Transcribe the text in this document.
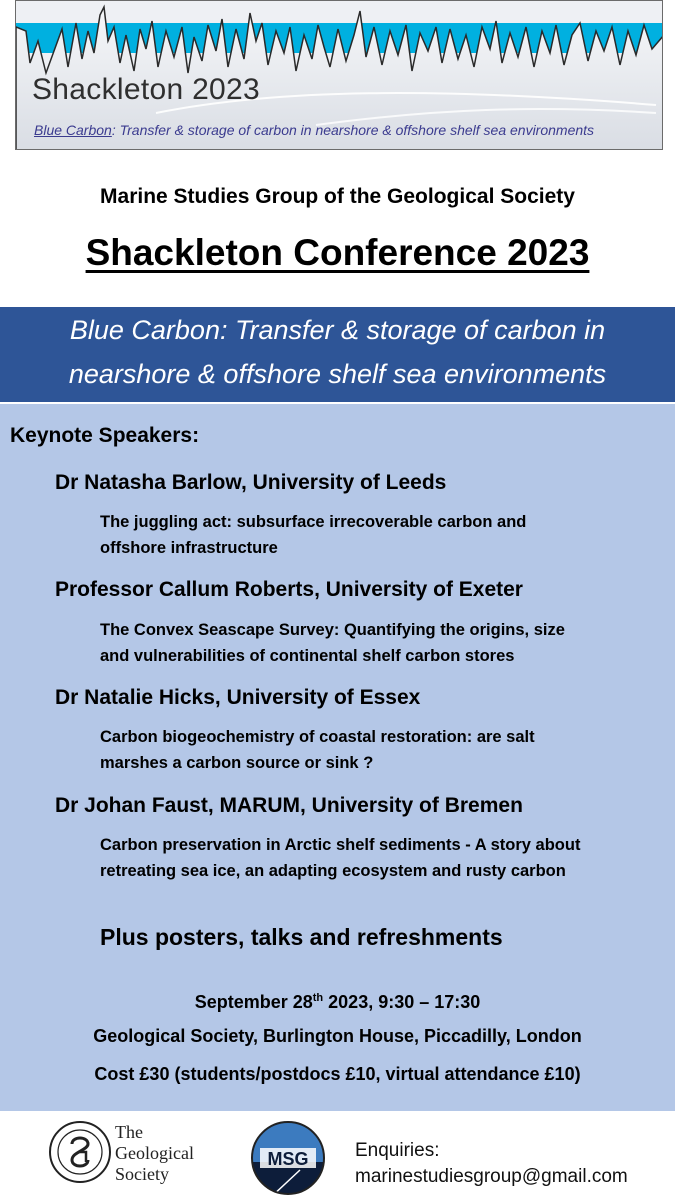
Shackleton 2023
Blue Carbon: Transfer & storage of carbon in nearshore & offshore shelf sea environments
Marine Studies Group of the Geological Society
Shackleton Conference 2023
Blue Carbon: Transfer & storage of carbon in
nearshore & offshore shelf sea environments
Keynote Speakers:
Dr Natasha Barlow, University of Leeds
The juggling act: subsurface irrecoverable carbon and
offshore infrastructure
Professor Callum Roberts, University of Exeter
The Convex Seascape Survey: Quantifying the origins, size
and vulnerabilities of continental shelf carbon stores
Dr Natalie Hicks, University of Essex
Carbon biogeochemistry of coastal restoration: are salt
marshes a carbon source or sink ?
Dr Johan Faust, MARUM, University of Bremen
Carbon preservation in Arctic shelf sediments - A story about
retreating sea ice, an adapting ecosystem and rusty carbon
Plus posters, talks and refreshments
September 28th 2023, 9:30 – 17:30
Geological Society, Burlington House, Piccadilly, London
Cost £30 (students/postdocs £10, virtual attendance £10)
The
Geological
Society
MSG Enquiries:
marinestudiesgroup@gmail.com
